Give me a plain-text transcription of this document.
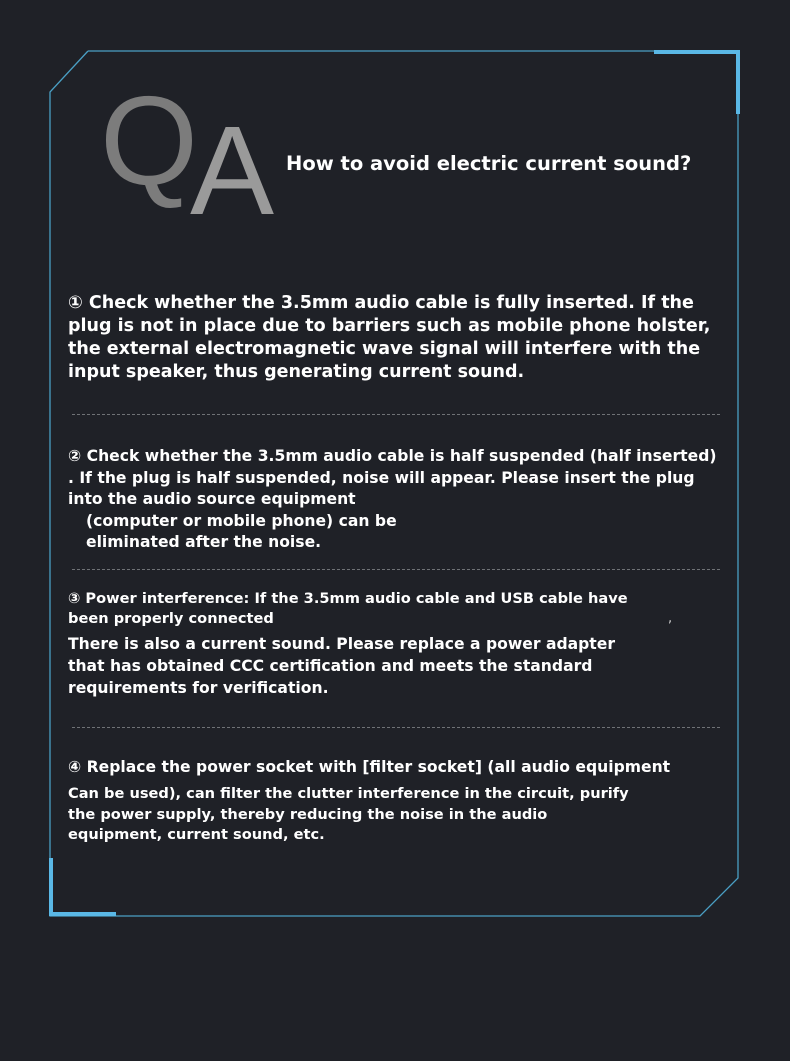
Q
A How to avoid electric current sound?
① Check whether the 3.5mm audio cable is fully inserted. If the
plug is not in place due to barriers such as mobile phone holster,
the external electromagnetic wave signal will interfere with the
input speaker, thus generating current sound.
② Check whether the 3.5mm audio cable is half suspended (half inserted)
. If the plug is half suspended, noise will appear. Please insert the plug
into the audio source equipment
(computer or mobile phone) can be
eliminated after the noise.
③ Power interference: If the 3.5mm audio cable and USB cable have
been properly connected
There is also a current sound. Please replace a power adapter
that has obtained CCC certification and meets the standard
requirements for verification.
,
④ Replace the power socket with [filter socket] (all audio equipment
Can be used), can filter the clutter interference in the circuit, purify
the power supply, thereby reducing the noise in the audio
equipment, current sound, etc.
